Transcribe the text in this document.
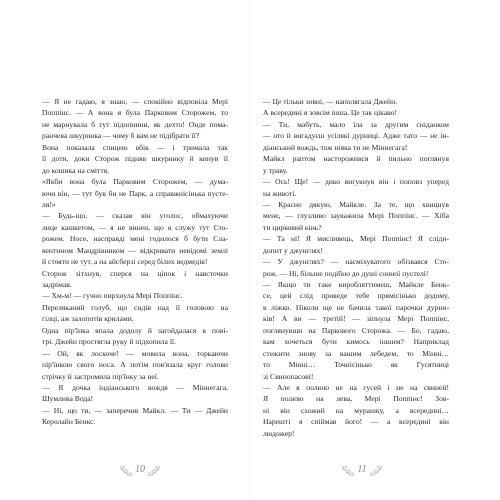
— Я не гадаю, я знаю, — спокійно відповіла Мері
Поппінс. — А вона я була Парковим Сторожем, то
не марнувала б тут підопнини, як дехто! Онде пома-
ранчева шкуринка — чому б вам не підібрати її?
Вона показала спицею вбік — і тримала так
її доти, доки Сторож підняв шкуринку й кинув її
до кошика на сміття.
«Якби вона була Парковим Сторожем, — дума-
ючи він, — тут був би не Парк, а справжнісінька пусте-
ля!»
— Будь-що, — сказав він уголос, обмахуючи
лице кашкетом, — я не винен, що я служу тут Сто-
рожем. Носе, насправді мені годилося б бути Сла-
вентином Мандрівником — відкривати невідомі землі
й стояти не тут, а на айсберзі серед білих ведмедів!
Сторож зітхнув, сперся на ціпок і навсточки
задрімав.
— Хм-м! — гучно пирхнула Мері Поппінс.
Переляканий голуб, що сидів над її головою на
гілці, аж залопотів крилами.
Одна пір'їнка впала додолу й загойдалася в пові-
трі. Джейн простягла руку й підхопила її.
— Ой, як лоскоче! — мовила вона, торкаючи
пір'їнкою свого носа. А потім пов'язала круг голови
стрічку й застромила пір'їнку за неї.
— Я дочка індіанського вождя — Міннегага,
Шумлива Вода!
— Ні, що ти, — заперечив Майкл. — Ти — Джейн
Керолайн Бенкс.
— Це тільки зовні, — наполягала Джейн.
А всередині я зовсім інша. Це так цікаво!
— Ти, мабуть, мало їла за другим сніданком
— ото й вигадуєш усілякі дурниці. Адже тато — не ін-
діанський вождь, тож ніяка ти не Міннегага!
Майкл раптом насторожився й пильно поглянув
у траву.
— Ось! Ще! — дико вигукнув він і поповз уперед
на животі.
— Красно дякую, Майкле. За те, що хвицнув
мене, — глузливо зауважила Мері Поппінс. — Хіба
ти цирковий кінь?
— Та ні! Я мисливець, Мері Поппінс! Я сліди-
допит у джунглях!
— У джунглях? — насміхуватого обізвався Сто-
рож. — Ні, більше подібно до душі сонної пустелі!
— Якщо ти таке виробляттимеш, Майкле Бенк-
се, цей слід приведе тебе прямісінько додому,
в ліжко. Ніколи ще не бачила такої парочки дурни-
ків! А ви — третій! — зіпнула Мері Поппінс,
поглянувши на Паркового Сторожа. — Бо, гадаю,
вам хочеться бути кимось іншим? Наприклад
стежити знову за вашим лебедем, то Мінні…
то Мінні… Точнісінько як Гусятниці
зі Свинопасові!
— Але я полюю не на гусей і не на свиней!
Я полюю на лева, Мері Поппінс! Зов-
ні він схожий на мурашку, а всередині…
Нарешті я спіймав його! — а всередині він
людожер!
10	11
